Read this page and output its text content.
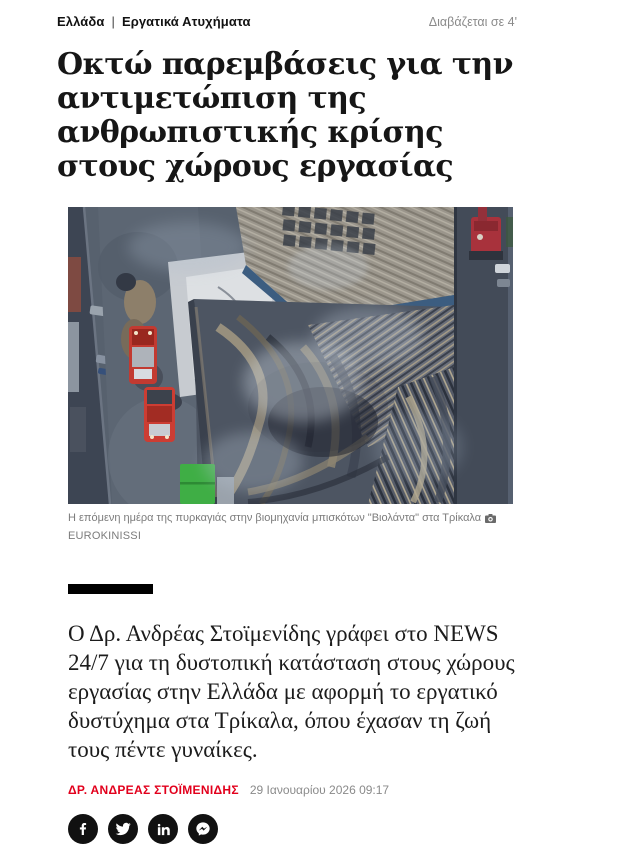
Ελλάδα | Εργατικά Ατυχήματα	Διαβάζεται σε 4'
Οκτώ παρεμβάσεις για την αντιμετώπιση της ανθρωπιστικής κρίσης στους χώρους εργασίας
Η επόμενη ημέρα της πυρκαγιάς στην βιομηχανία μπισκότων "Βιολάντα" στα Τρίκαλα
EUROKINISSI

Ο Δρ. Ανδρέας Στοϊμενίδης γράφει στο NEWS 24/7 για τη δυστοπική κατάσταση στους χώρους εργασίας στην Ελλάδα με αφορμή το εργατικό δυστύχημα στα Τρίκαλα, όπου έχασαν τη ζωή τους πέντε γυναίκες.

ΔΡ. ΑΝΔΡΕΑΣ ΣΤΟΪΜΕΝΙΔΗΣ 29 Ιανουαρίου 2026 09:17
